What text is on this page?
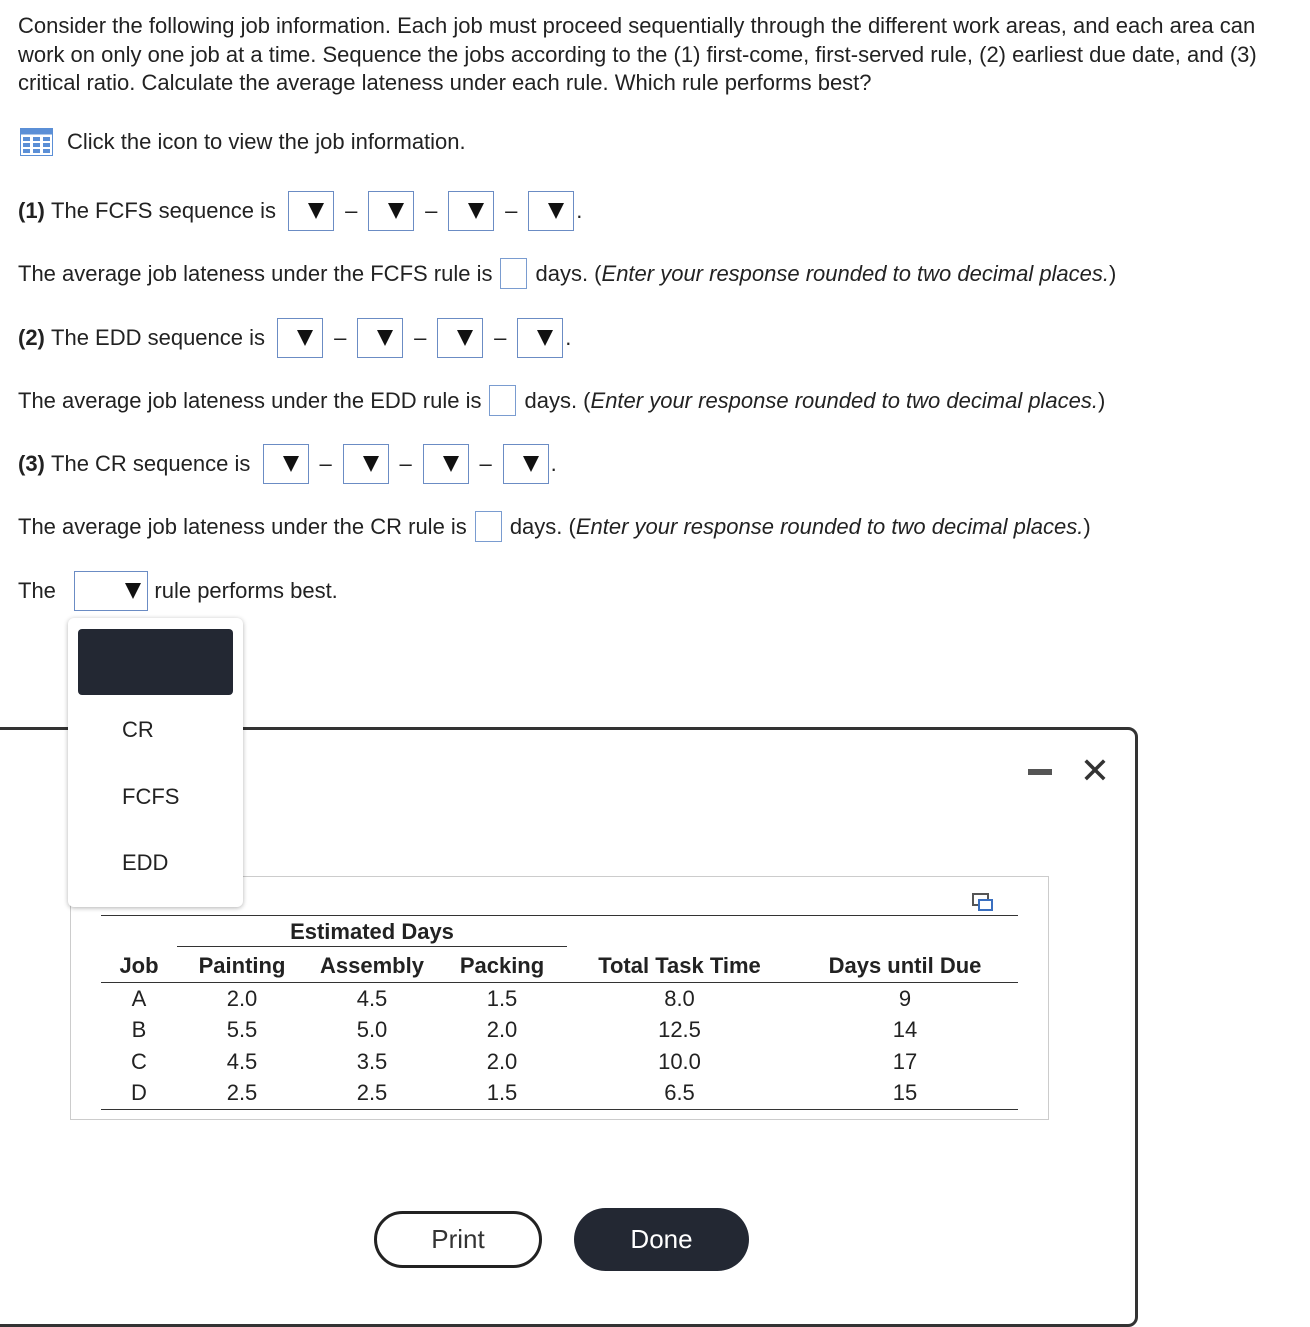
Consider the following job information. Each job must proceed sequentially through the different work areas, and each area can work on only one job at a time. Sequence the jobs according to the (1) first-come, first-served rule, (2) earliest due date, and (3) critical ratio. Calculate the average lateness under each rule. Which rule performs best?
Click the icon to view the job information.
(1)
The FCFS sequence is
	–	–	–	.
The average job lateness under the FCFS rule is days. ( Enter your response rounded to two decimal places. )
(2)
The EDD sequence is
	–	–	–	.
The average job lateness under the EDD rule is days. ( Enter your response rounded to two decimal places. )
(3)
The CR sequence is
	–	–	–	.
The average job lateness under the CR rule is days. ( Enter your response rounded to two decimal places. )
The

	rule performs best.
✕

	Estimated Days				

Job	Painting	Assembly	Packing	Total Task Time	Days until Due
A	2.0	4.5	1.5	8.0	9
B	5.5	5.0	2.0	12.5	14
C	4.5	3.5	2.0	10.0	17
D	2.5	2.5	1.5	6.5	15
Print	Done
CR
FCFS
EDD
